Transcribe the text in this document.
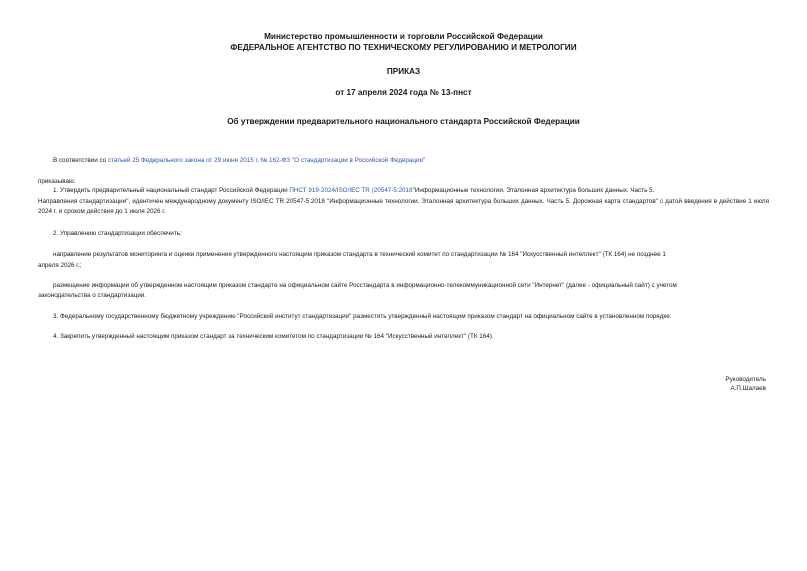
Министерство промышленности и торговли Российской Федерации
ФЕДЕРАЛЬНОЕ АГЕНТСТВО ПО ТЕХНИЧЕСКОМУ РЕГУЛИРОВАНИЮ И МЕТРОЛОГИИ
ПРИКАЗ
от 17 апреля 2024 года № 13-пнст
Об утверждении предварительного национального стандарта Российской Федерации
В соответствии со статьей 25 Федерального закона от 29 июня 2015 г. № 162-ФЗ "О стандартизации в Российской Федерации"
приказываю:
1. Утвердить предварительный национальный стандарт Российской Федерации ПНСТ 919-2024/ISO/IEC TR (20547-5:2018"Информационные технологии. Эталонная архитектура больших данных. Часть 5.
Направления стандартизации", идентичен международному документу ISO/IEC TR 20547-5:2018 "Информационные технологии. Эталонная архитектура больших данных. Часть 5. Дорожная карта стандартов" с датой введения в действие 1 июля 2024 г. и сроком действия до 1 июля 2026 г.
2. Управлению стандартизации обеспечить:
направление результатов мониторинга и оценки применения утвержденного настоящим приказом стандарта в технический комитет по стандартизации № 164 "Искусственный интеллект" (ТК 164) не позднее 1
апреля 2026 г.;
размещение информации об утвержденном настоящим приказом стандарте на официальном сайте Росстандарта в информационно-телекоммуникационной сети "Интернет" (далее - официальный сайт) с учетом
законодательства о стандартизации.
3. Федеральному государственному бюджетному учреждению "Российский институт стандартизации" разместить утвержденный настоящим приказом стандарт на официальном сайте в установленном порядке.
4. Закрепить утвержденный настоящим приказом стандарт за техническим комитетом по стандартизации № 164 "Искусственный интеллект" (ТК 164).
Руководитель
А.П.Шалаев
